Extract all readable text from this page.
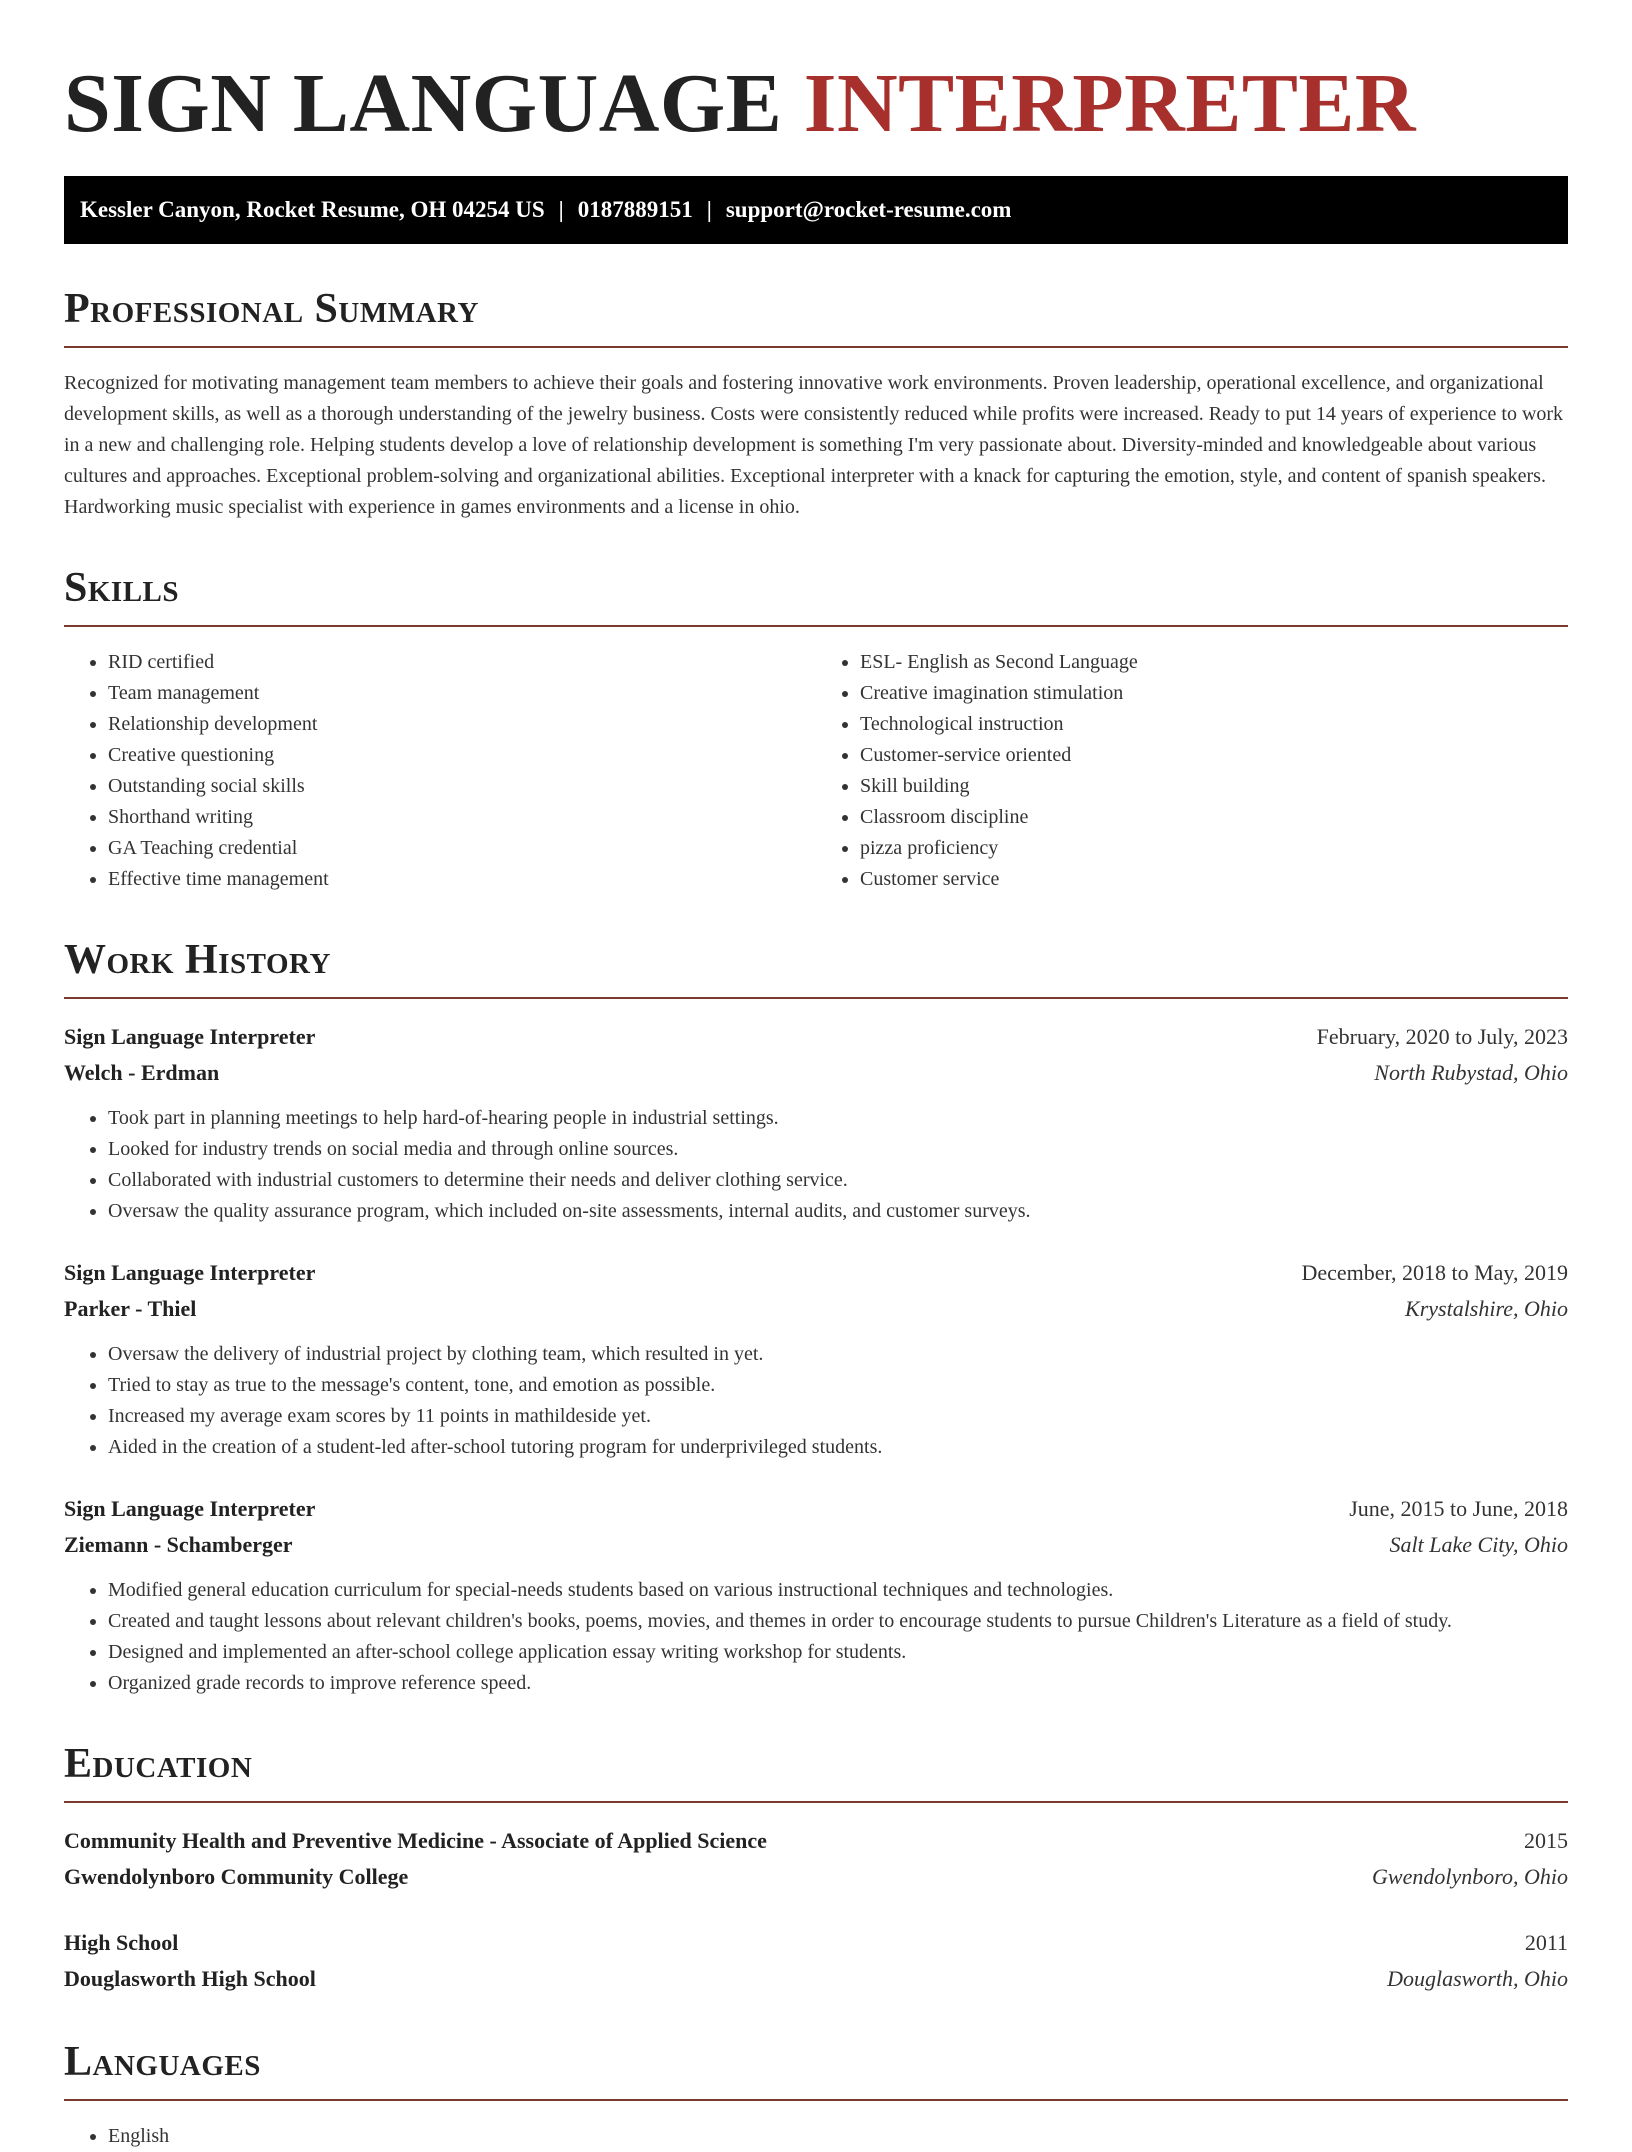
SIGN LANGUAGE INTERPRETER
Kessler Canyon, Rocket Resume, OH 04254 US | 0187889151 | support@rocket-resume.com
Professional Summary

Recognized for motivating management team members to achieve their goals and fostering innovative work environments. Proven leadership, operational excellence, and organizational development skills, as well as a thorough understanding of the jewelry business. Costs were consistently reduced while profits were increased. Ready to put 14 years of experience to work in a new and challenging role. Helping students develop a love of relationship development is something I'm very passionate about. Diversity-minded and knowledgeable about various cultures and approaches. Exceptional problem-solving and organizational abilities. Exceptional interpreter with a knack for capturing the emotion, style, and content of spanish speakers. Hardworking music specialist with experience in games environments and a license in ohio.

Skills
• RID certified
• Team management
• Relationship development
• Creative questioning
• Outstanding social skills
• Shorthand writing
• GA Teaching credential
• Effective time management
• ESL- English as Second Language
• Creative imagination stimulation
• Technological instruction
• Customer-service oriented
• Skill building
• Classroom discipline
• pizza proficiency
• Customer service
Work History
Sign Language Interpreter	February, 2020 to July, 2023
Welch - Erdman	North Rubystad, Ohio
• Took part in planning meetings to help hard-of-hearing people in industrial settings.
• Looked for industry trends on social media and through online sources.
• Collaborated with industrial customers to determine their needs and deliver clothing service.
• Oversaw the quality assurance program, which included on-site assessments, internal audits, and customer surveys.
Sign Language Interpreter	December, 2018 to May, 2019
Parker - Thiel	Krystalshire, Ohio
• Oversaw the delivery of industrial project by clothing team, which resulted in yet.
• Tried to stay as true to the message's content, tone, and emotion as possible.
• Increased my average exam scores by 11 points in mathildeside yet.
• Aided in the creation of a student-led after-school tutoring program for underprivileged students.
Sign Language Interpreter	June, 2015 to June, 2018
Ziemann - Schamberger	Salt Lake City, Ohio
• Modified general education curriculum for special-needs students based on various instructional techniques and technologies.
• Created and taught lessons about relevant children's books, poems, movies, and themes in order to encourage students to pursue Children's Literature as a field of study.
• Designed and implemented an after-school college application essay writing workshop for students.
• Organized grade records to improve reference speed.
Education
Community Health and Preventive Medicine - Associate of Applied Science	2015
Gwendolynboro Community College	Gwendolynboro, Ohio
High School	2011
Douglasworth High School	Douglasworth, Ohio
Languages
• English
